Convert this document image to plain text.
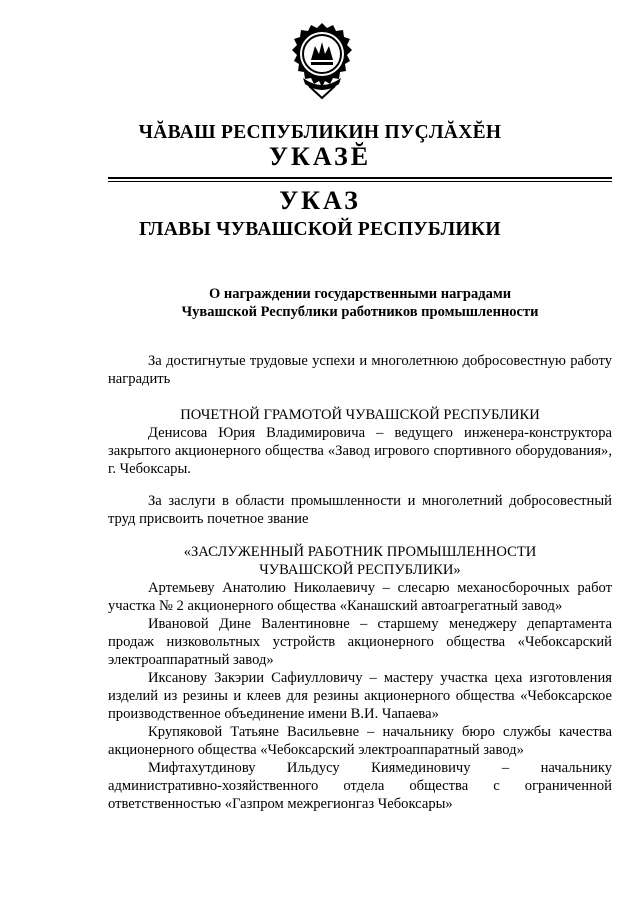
ЧĂВАШ РЕСПУБЛИКИН ПУÇЛĂХĔН
УКАЗĔ
УКАЗ
ГЛАВЫ ЧУВАШСКОЙ РЕСПУБЛИКИ
О награждении государственными наградами
Чувашской Республики работников промышленности

За достигнутые трудовые успехи и многолетнюю добросовестную работу наградить

ПОЧЕТНОЙ ГРАМОТОЙ ЧУВАШСКОЙ РЕСПУБЛИКИ

Денисова Юрия Владимировича – ведущего инженера-конструктора закрытого акционерного общества «Завод игрового спортивного оборудования», г. Чебоксары.

За заслуги в области промышленности и многолетний добросовестный труд присвоить почетное звание

«ЗАСЛУЖЕННЫЙ РАБОТНИК ПРОМЫШЛЕННОСТИ

ЧУВАШСКОЙ РЕСПУБЛИКИ»

Артемьеву Анатолию Николаевичу – слесарю механосборочных работ участка № 2 акционерного общества «Канашский автоагрегатный завод»

Ивановой Дине Валентиновне – старшему менеджеру департамента продаж низковольтных устройств акционерного общества «Чебоксарский электроаппаратный завод»

Иксанову Закэрии Сафиулловичу – мастеру участка цеха изготовления изделий из резины и клеев для резины акционерного общества «Чебоксарское производственное объединение имени В.И. Чапаева»

Крупяковой Татьяне Васильевне – начальнику бюро службы качества акционерного общества «Чебоксарский электроаппаратный завод»

Мифтахутдинову Ильдусу Киямединовичу – начальнику административно-хозяйственного отдела общества с ограниченной ответственностью «Газпром межрегионгаз Чебоксары»
